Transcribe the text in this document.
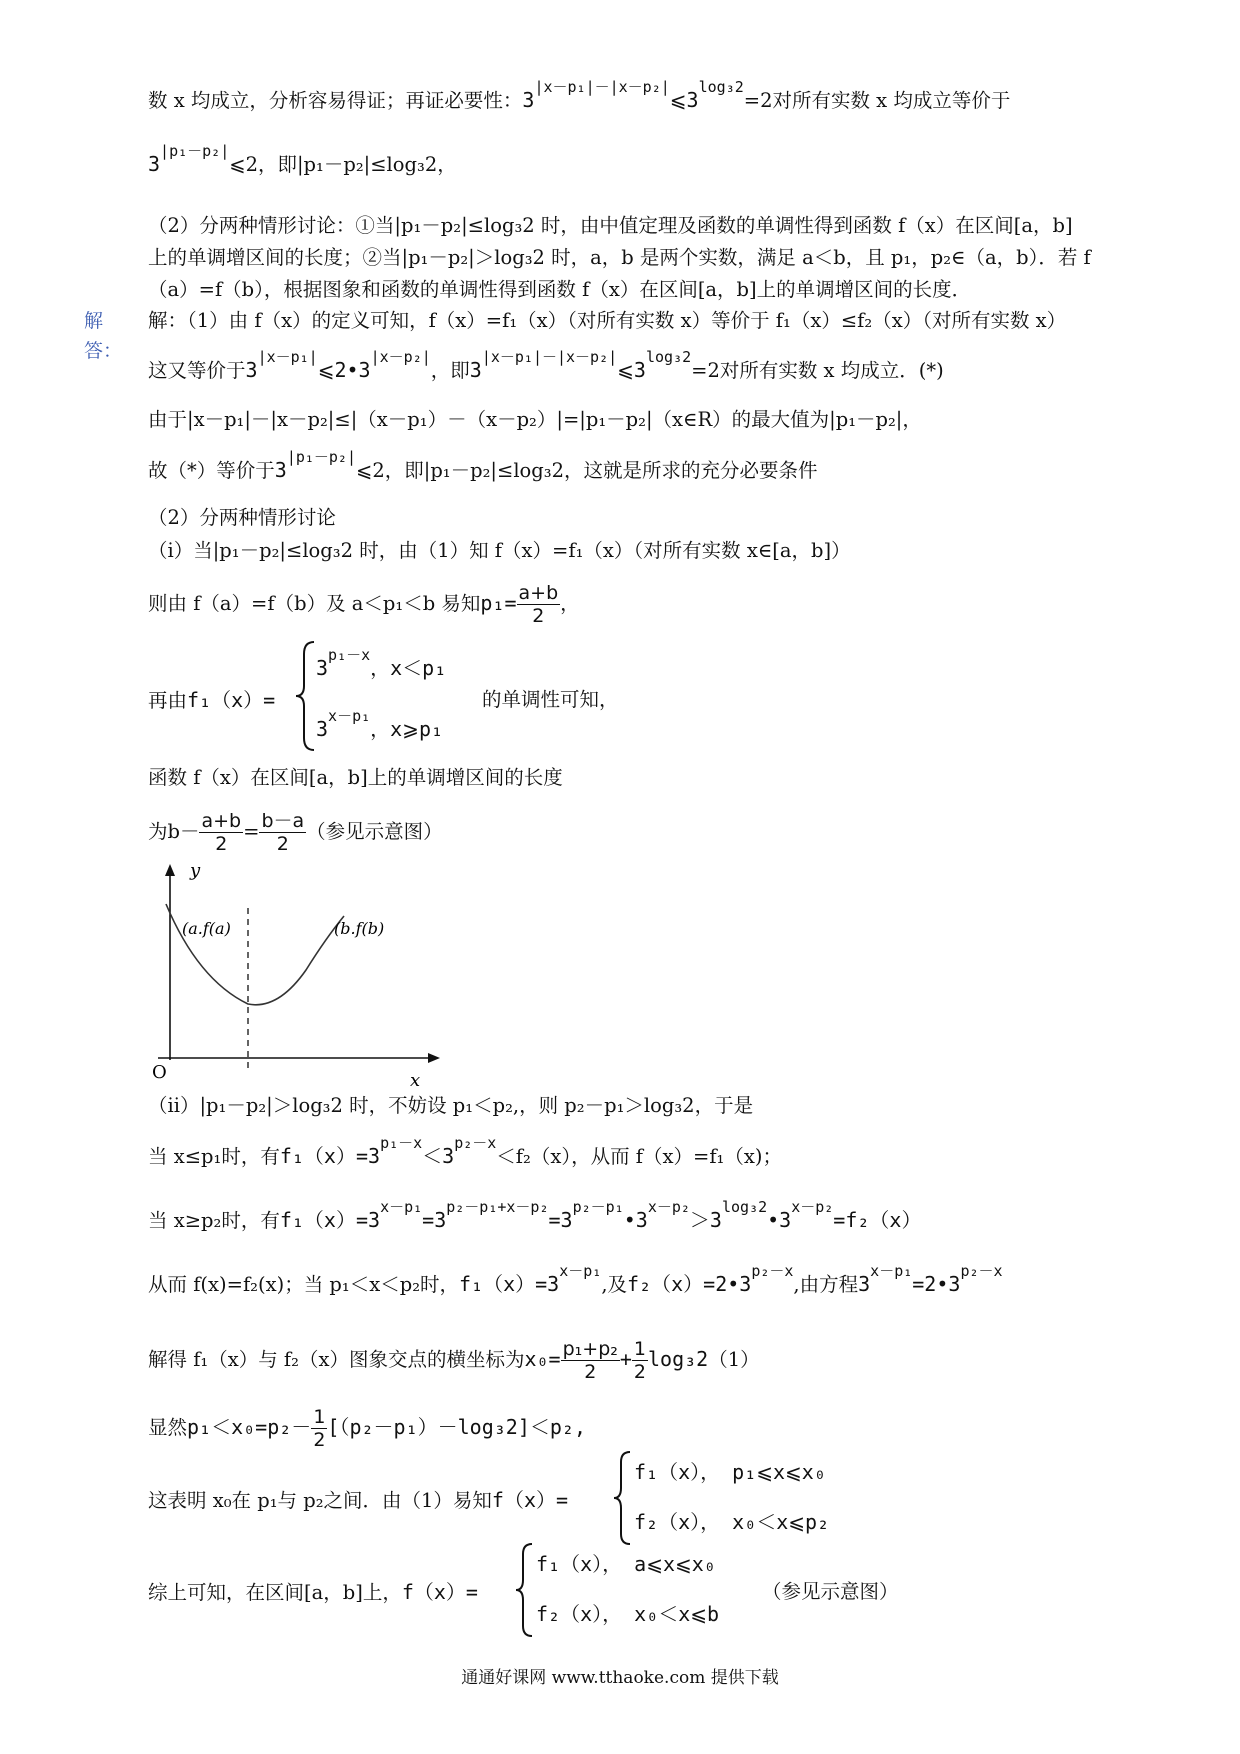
数 x 均成立，分析容易得证；再证必要性：$3^{|x-p_1|-|x-p_2|}⩽3^{log_32}=2$对所有实数 x 均成立等价于
$3^{|p_1-p_2|}⩽2$，即|p₁－p₂|≤log₃2，
（2）分两种情形讨论：①当|p₁－p₂|≤log₃2 时，由中值定理及函数的单调性得到函数 f（x）在区间[a，b]
上的单调增区间的长度；②当|p₁－p₂|＞log₃2 时，a，b 是两个实数，满足 a＜b，且 p₁，p₂∈（a，b）．若 f
（a）=f（b），根据图象和函数的单调性得到函数 f（x）在区间[a，b]上的单调增区间的长度．
解答：
解：（1）由 f（x）的定义可知，f（x）=f₁（x）（对所有实数 x）等价于 f₁（x）≤f₂（x）（对所有实数 x）
这又等价于$3^{|x-p_1|}⩽2•3^{|x-p_2|}$，即$3^{|x-p_1|-|x-p_2|}⩽3^{log_32}=2$对所有实数 x 均成立．(*)
由于|x－p₁|－|x－p₂|≤|（x－p₁）－（x－p₂）|=|p₁－p₂|（x∈R）的最大值为|p₁－p₂|，
故（*）等价于$3^{|p_1-p_2|}⩽2$，即|p₁－p₂|≤log₃2，这就是所求的充分必要条件
（2）分两种情形讨论
（i）当|p₁－p₂|≤log₃2 时，由（1）知 f（x）=f₁（x）（对所有实数 x∈[a，b]）
则由 f（a）=f（b）及 a＜p₁＜b 易知$p_1= \frac{a+b}{2}$ ，
再由f₁（x）=
$3^{p_1-x}$，x＜p₁
$3^{x-p_1}$，x⩾p₁
的单调性可知，
函数 f（x）在区间[a，b]上的单调增区间的长度
为$b- \frac{a+b}{2} = \frac{b-a}{2}$ （参见示意图）
y
x
O
(a.f(a)	(b.f(b)
（ii）|p₁－p₂|＞log₃2 时，不妨设 p₁＜p₂,，则 p₂－p₁＞log₃2，于是
当 x≤p₁时，有$f_1(x)=3^{p_1-x}<3^{p_2-x}<f_2(x)$，从而 f（x）=f₁（x)；
当 x≥p₂时，有$f_1(x)=3^{x-p_1}=3^{p_2-p_1+x-p_2}=3^{p_2-p_1}•3^{x-p_2}>3^{log_32}•3^{x-p_2}=f_2(x)$
从而 f(x)=f₂(x)；当 p₁＜x＜p₂时，$f_1(x)=3^{x-p_1}$,及$f_2(x)=2•3^{p_2-x}$,由方程$3^{x-p_1}=2•3^{p_2-x}$
解得 f₁（x）与 f₂（x）图象交点的横坐标为$x_0= \frac{\text{p₁+p₂}}{2} + \frac{1}{2} \log_32(1)$
显然$p_1<x_0=p_2- \frac{1}{2} [(p_2-p_1)-\log_32]<p_2$,
这表明 x₀在 p₁与 p₂之间．由（1）易知f（x）=
f₁（x）， p₁⩽x⩽x₀
f₂（x）， x₀＜x⩽p₂
综上可知，在区间[a，b]上，f（x）=
f₁（x）， a⩽x⩽x₀
f₂（x）， x₀＜x⩽b
（参见示意图）
通通好课网 www.tthaoke.com 提供下载
